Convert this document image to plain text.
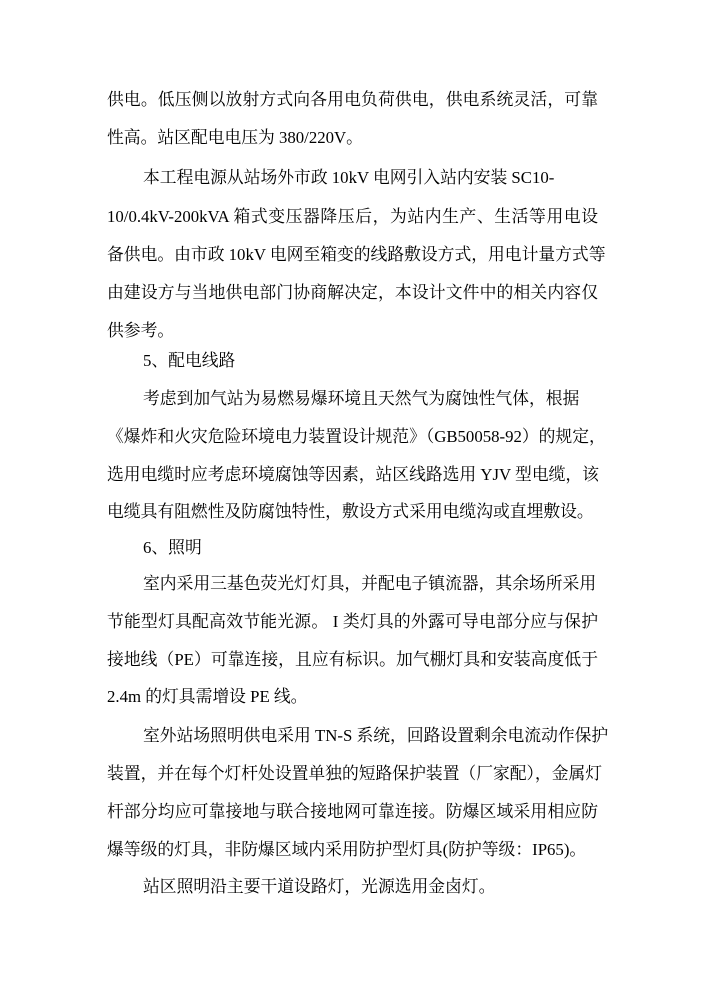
供电。低压侧以放射方式向各用电负荷供电，供电系统灵活，可靠
性高。站区配电电压为 380/220V。
本工程电源从站场外市政 10kV 电网引入站内安装 SC10-
10/0.4kV-200kVA 箱式变压器降压后，为站内生产、生活等用电设
备供电。由市政 10kV 电网至箱变的线路敷设方式，用电计量方式等
由建设方与当地供电部门协商解决定，本设计文件中的相关内容仅
供参考。
5、配电线路
考虑到加气站为易燃易爆环境且天然气为腐蚀性气体，根据
《爆炸和火灾危险环境电力装置设计规范》（GB50058-92）的规定，
选用电缆时应考虑环境腐蚀等因素，站区线路选用 YJV 型电缆，该
电缆具有阻燃性及防腐蚀特性，敷设方式采用电缆沟或直埋敷设。
6、照明
室内采用三基色荧光灯灯具，并配电子镇流器，其余场所采用
节能型灯具配高效节能光源。 I 类灯具的外露可导电部分应与保护
接地线（PE）可靠连接，且应有标识。加气棚灯具和安装高度低于
2.4m 的灯具需增设 PE 线。
室外站场照明供电采用 TN-S 系统，回路设置剩余电流动作保护
装置，并在每个灯杆处设置单独的短路保护装置（厂家配），金属灯
杆部分均应可靠接地与联合接地网可靠连接。防爆区域采用相应防
爆等级的灯具，非防爆区域内采用防护型灯具(防护等级：IP65)。
站区照明沿主要干道设路灯，光源选用金卤灯。
